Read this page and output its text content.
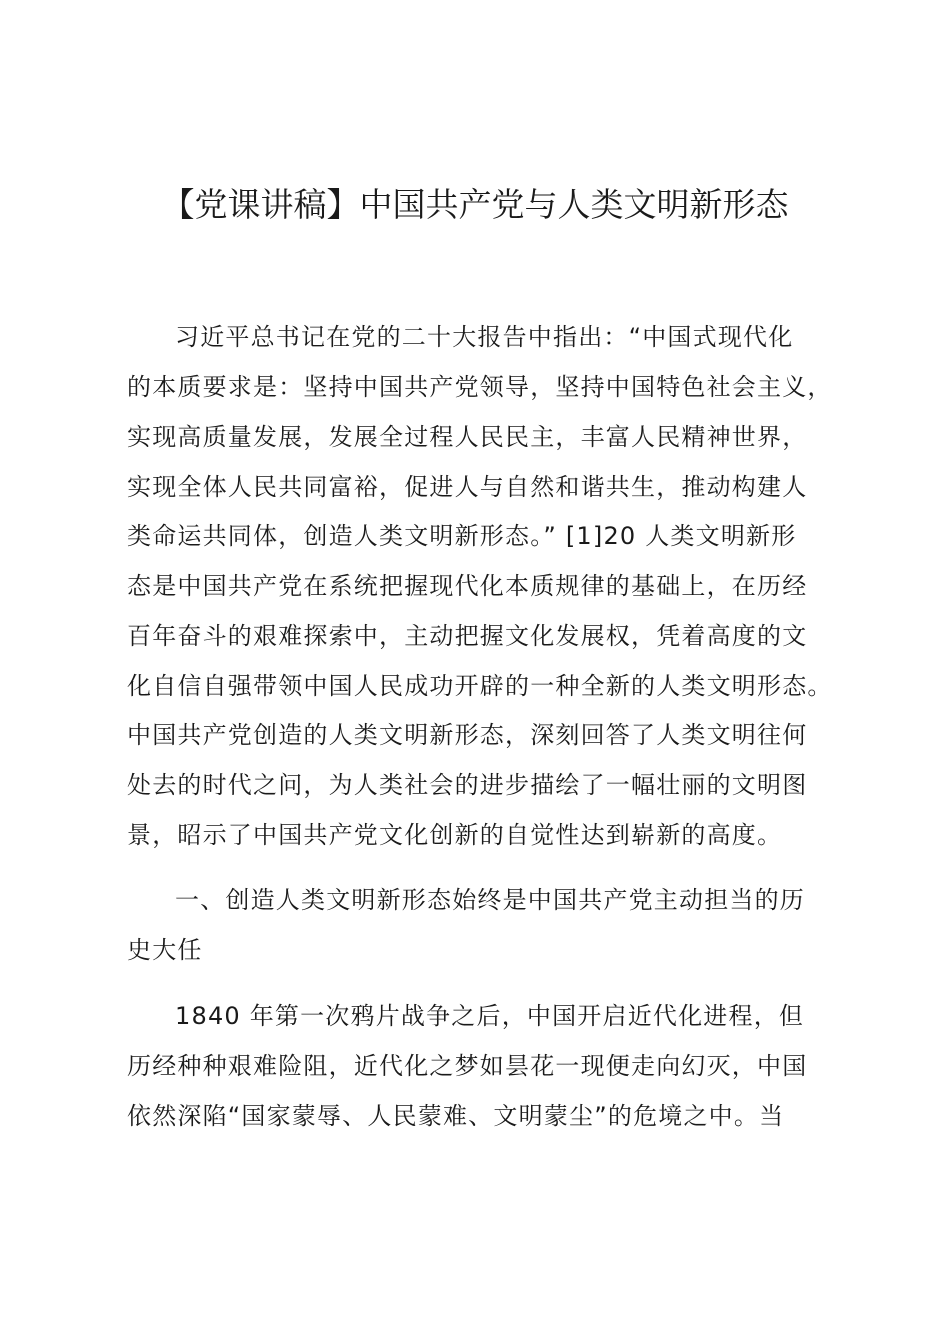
【党课讲稿】中国共产党与人类文明新形态

习近平总书记在党的二十大报告中指出：“中国式现代化

的本质要求是：坚持中国共产党领导，坚持中国特色社会主义，

实现高质量发展，发展全过程人民民主，丰富人民精神世界，

实现全体人民共同富裕，促进人与自然和谐共生，推动构建人

类命运共同体，创造人类文明新形态。” [1]20 人类文明新形

态是中国共产党在系统把握现代化本质规律的基础上，在历经

百年奋斗的艰难探索中，主动把握文化发展权，凭着高度的文

化自信自强带领中国人民成功开辟的一种全新的人类文明形态。

中国共产党创造的人类文明新形态，深刻回答了人类文明往何

处去的时代之问，为人类社会的进步描绘了一幅壮丽的文明图

景，昭示了中国共产党文化创新的自觉性达到崭新的高度。

一、创造人类文明新形态始终是中国共产党主动担当的历

史大任

1840 年第一次鸦片战争之后，中国开启近代化进程，但

历经种种艰难险阻，近代化之梦如昙花一现便走向幻灭，中国

依然深陷“国家蒙辱、人民蒙难、文明蒙尘”的危境之中。当
